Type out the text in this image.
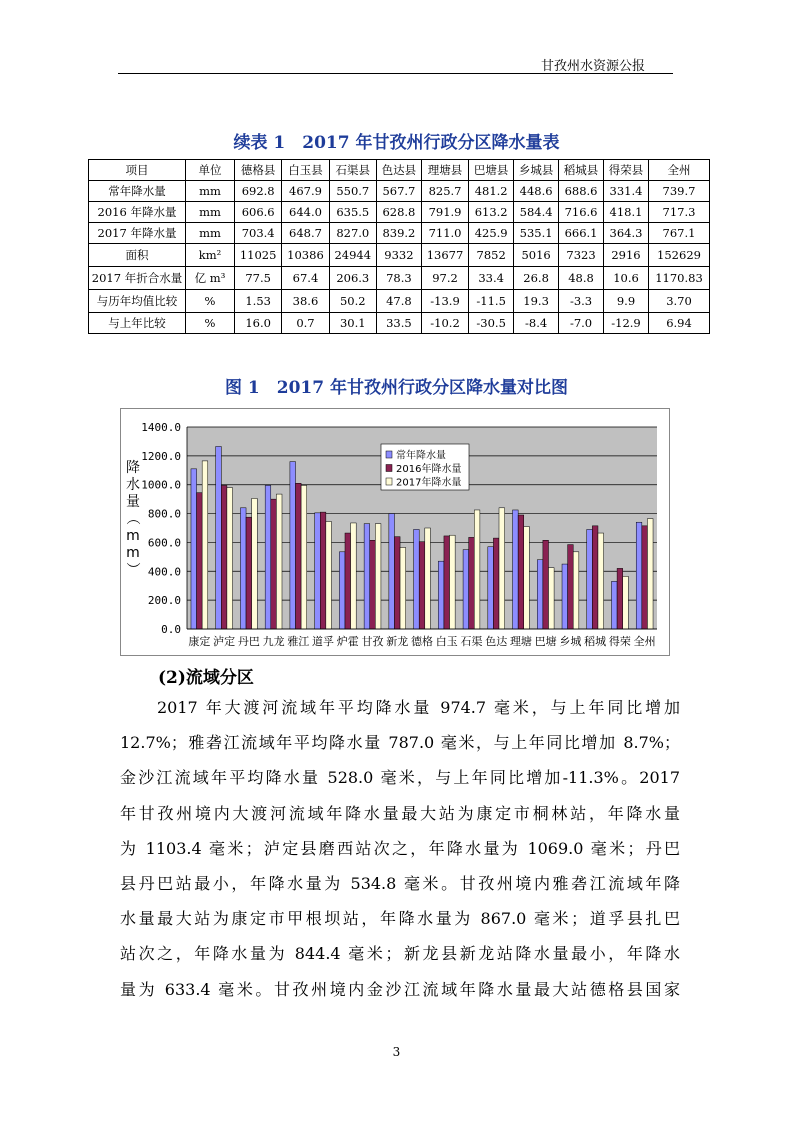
甘孜州水资源公报
续表 1　2017 年甘孜州行政分区降水量表
项目	单位	德格县	白玉县	石渠县	色达县	理塘县	巴塘县	乡城县	稻城县	得荣县	全州
常年降水量	mm	692.8	467.9	550.7	567.7	825.7	481.2	448.6	688.6	331.4	739.7
2016 年降水量	mm	606.6	644.0	635.5	628.8	791.9	613.2	584.4	716.6	418.1	717.3
2017 年降水量	mm	703.4	648.7	827.0	839.2	711.0	425.9	535.1	666.1	364.3	767.1
面积	km²	11025	10386	24944	9332	13677	7852	5016	7323	2916	152629
2017 年折合水量	亿 m³	77.5	67.4	206.3	78.3	97.2	33.4	26.8	48.8	10.6	1170.83
与历年均值比较	%	1.53	38.6	50.2	47.8	-13.9	-11.5	19.3	-3.3	9.9	3.70
与上年比较	%	16.0	0.7	30.1	33.5	-10.2	-30.5	-8.4	-7.0	-12.9	6.94
图 1　2017 年甘孜州行政分区降水量对比图
0.0
200.0
400.0
600.0
800.0
1000.0
1200.0
1400.0
降
水
量
（
m
m
）
康定 泸定 丹巴 九龙 雅江 道孚 炉霍 甘孜 新龙 德格 白玉 石渠 色达 理塘 巴塘 乡城 稻城 得荣 全州
常年降水量
2016年降水量
2017年降水量
(2)流域分区
2017 年大渡河流域年平均降水量 974.7 毫米，与上年同比增加
12.7%；雅砻江流域年平均降水量 787.0 毫米，与上年同比增加 8.7%；
金沙江流域年平均降水量 528.0 毫米，与上年同比增加-11.3%。2017
年甘孜州境内大渡河流域年降水量最大站为康定市桐林站，年降水量
为 1103.4 毫米；泸定县磨西站次之，年降水量为 1069.0 毫米；丹巴
县丹巴站最小，年降水量为 534.8 毫米。甘孜州境内雅砻江流域年降
水量最大站为康定市甲根坝站，年降水量为 867.0 毫米；道孚县扎巴
站次之，年降水量为 844.4 毫米；新龙县新龙站降水量最小，年降水
量为 633.4 毫米。甘孜州境内金沙江流域年降水量最大站德格县国家
3
